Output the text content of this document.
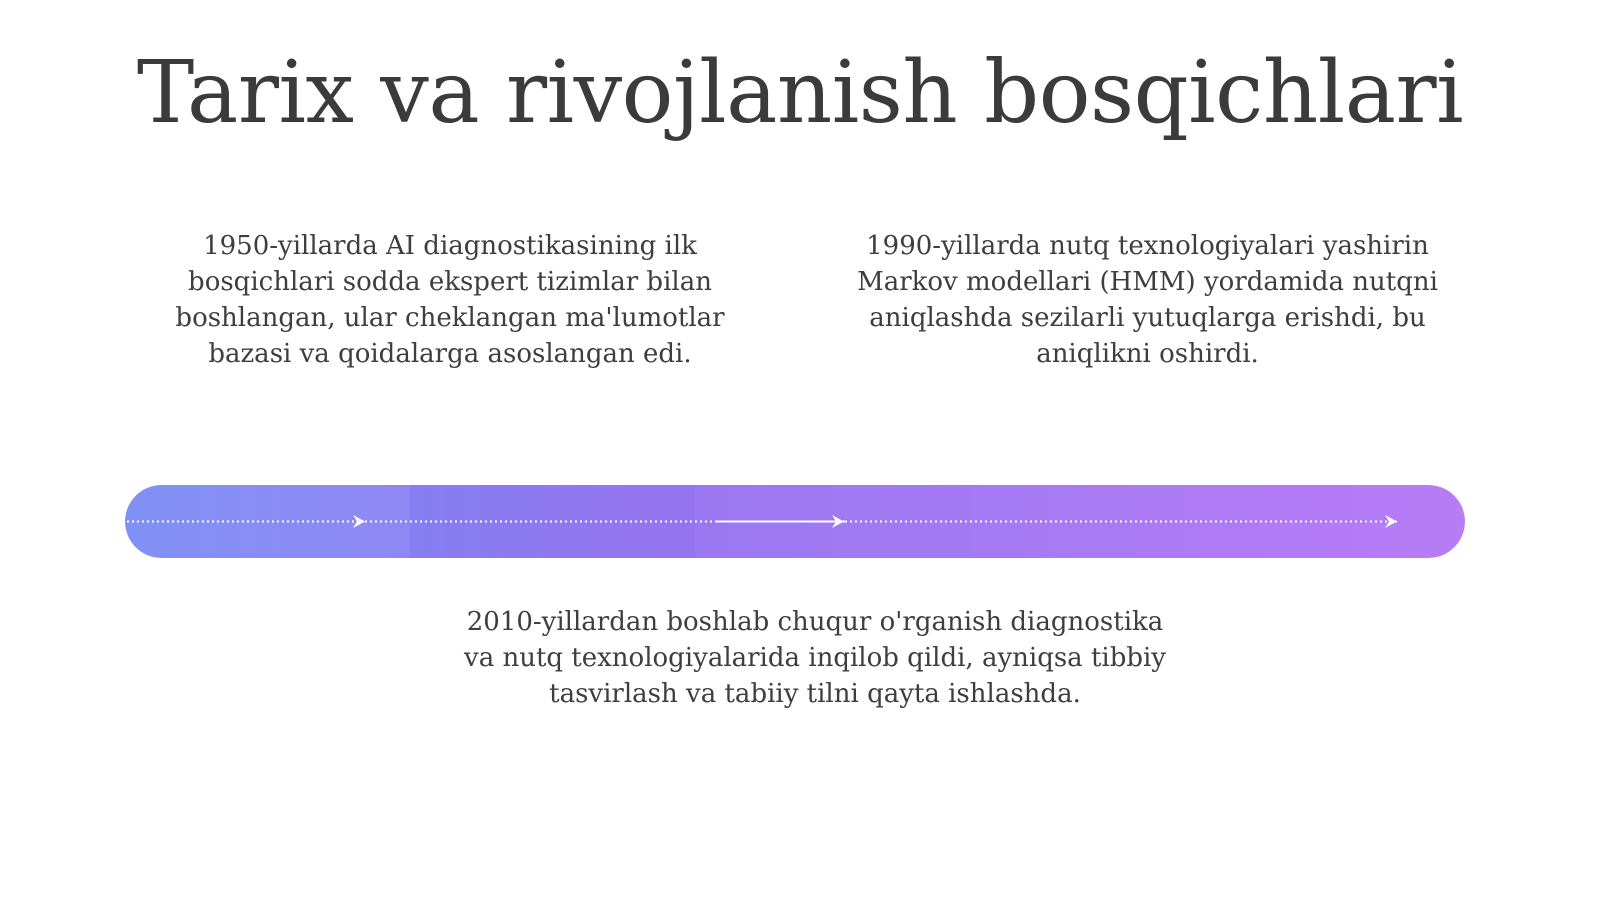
Tarix va rivojlanish bosqichlari
1950-yillarda AI diagnostikasining ilk bosqichlari sodda ekspert tizimlar bilan boshlangan, ular cheklangan ma'lumotlar bazasi va qoidalarga asoslangan edi.
1990-yillarda nutq texnologiyalari yashirin Markov modellari (HMM) yordamida nutqni aniqlashda sezilarli yutuqlarga erishdi, bu aniqlikni oshirdi.
2010-yillardan boshlab chuqur o'rganish diagnostika va nutq texnologiyalarida inqilob qildi, ayniqsa tibbiy tasvirlash va tabiiy tilni qayta ishlashda.
